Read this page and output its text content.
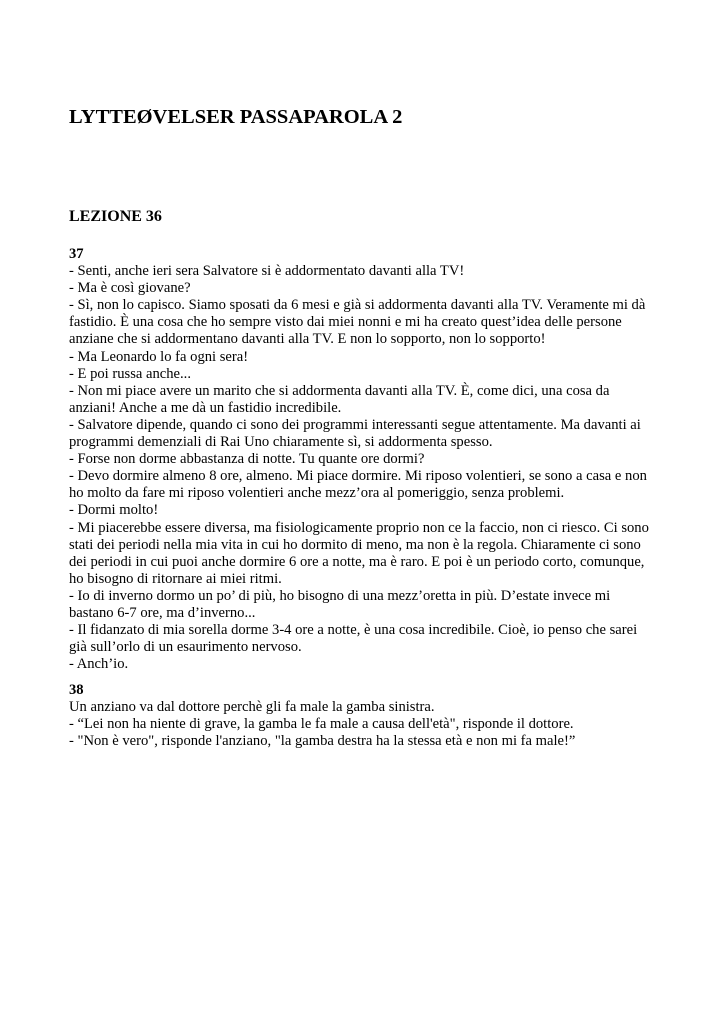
LYTTEØVELSER PASSAPAROLA 2
LEZIONE 36
37
- Senti, anche ieri sera Salvatore si è addormentato davanti alla TV!
- Ma è così giovane?
- Sì, non lo capisco. Siamo sposati da 6 mesi e già si addormenta davanti alla TV. Veramente mi dà
fastidio. È una cosa che ho sempre visto dai miei nonni e mi ha creato quest’idea delle persone
anziane che si addormentano davanti alla TV. E non lo sopporto, non lo sopporto!
- Ma Leonardo lo fa ogni sera!
- E poi russa anche...
- Non mi piace avere un marito che si addormenta davanti alla TV. È, come dici, una cosa da
anziani! Anche a me dà un fastidio incredibile.
- Salvatore dipende, quando ci sono dei programmi interessanti segue attentamente. Ma davanti ai
programmi demenziali di Rai Uno chiaramente sì, si addormenta spesso.
- Forse non dorme abbastanza di notte. Tu quante ore dormi?
- Devo dormire almeno 8 ore, almeno. Mi piace dormire. Mi riposo volentieri, se sono a casa e non
ho molto da fare mi riposo volentieri anche mezz’ora al pomeriggio, senza problemi.
- Dormi molto!
- Mi piacerebbe essere diversa, ma fisiologicamente proprio non ce la faccio, non ci riesco. Ci sono
stati dei periodi nella mia vita in cui ho dormito di meno, ma non è la regola. Chiaramente ci sono
dei periodi in cui puoi anche dormire 6 ore a notte, ma è raro. E poi è un periodo corto, comunque,
ho bisogno di ritornare ai miei ritmi.
- Io di inverno dormo un po’ di più, ho bisogno di una mezz’oretta in più. D’estate invece mi
bastano 6-7 ore, ma d’inverno...
- Il fidanzato di mia sorella dorme 3-4 ore a notte, è una cosa incredibile. Cioè, io penso che sarei
già sull’orlo di un esaurimento nervoso.
- Anch’io.
38
Un anziano va dal dottore perchè gli fa male la gamba sinistra.
- “Lei non ha niente di grave, la gamba le fa male a causa dell'età", risponde il dottore.
- "Non è vero", risponde l'anziano, "la gamba destra ha la stessa età e non mi fa male!”
